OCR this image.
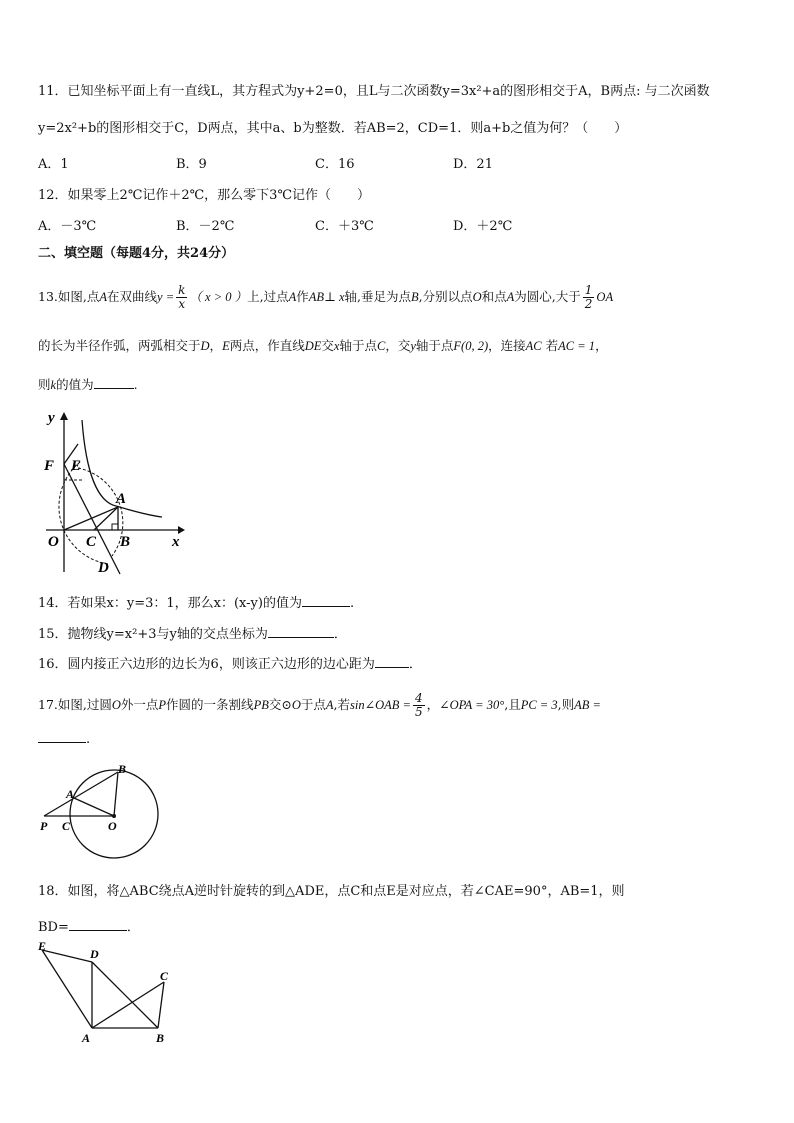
11．已知坐标平面上有一直线L，其方程式为y+2=0，且L与二次函数y=3x²+a的图形相交于A，B两点: 与二次函数
y=2x²+b的图形相交于C，D两点，其中a、b为整数．若AB=2，CD=1．则a+b之值为何？（　　）
A．1	B．9	C．16	D．21
12．如果零上2℃记作＋2℃，那么零下3℃记作（　　）
A．－3℃	B．－2℃	C．＋3℃	D．＋2℃
二、填空题（每题4分，共24分）
13.如图,点A在双曲线$y = \frac{k}{x}$ （ x > 0 ）上,过点A作AB⊥ x轴,垂足为点B,分别以点O和点A为圆心,大于 $\frac{1}{2}$ OA
的长为半径作弧，两弧相交于D，E两点，作直线DE交x轴于点C，交y轴于点F(0, 2)，连接AC 若AC = 1，
则k的值为	.
y
x
F E
A
O C B
D
14．若如果x：y=3：1，那么x：(x-y)的值为	.
15．抛物线y=x²+3与y轴的交点坐标为	．
16．圆内接正六边形的边长为6，则该正六边形的边心距为	．
17.如图,过圆O外一点P作圆的一条割线PB交⊙O于点A,若sin∠OAB = $\frac{4}{5}$ ，∠OPA = 30°,且PC = 3,则AB =
.
B
A
P C	O
18．如图，将△ABC绕点A逆时针旋转的到△ADE，点C和点E是对应点，若∠CAE=90°，AB=1，则
BD=	．
E
D
C
A	B
